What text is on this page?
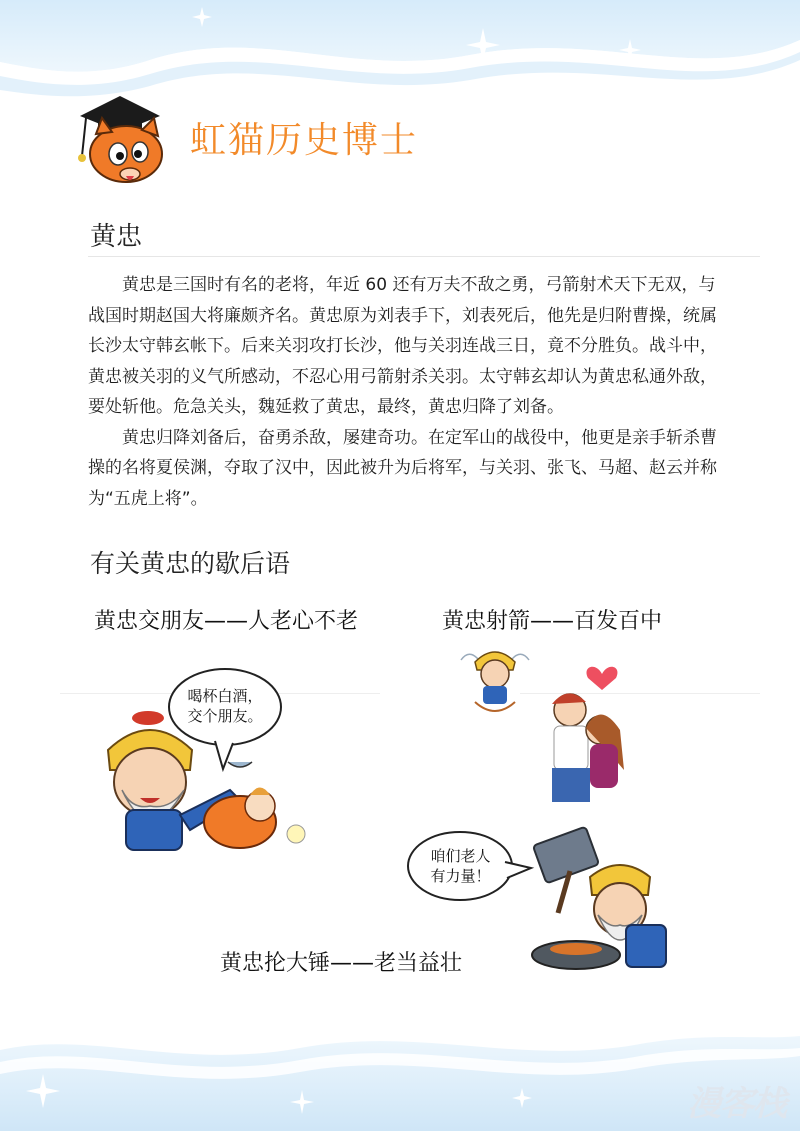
虹猫历史博士
黄忠

黄忠是三国时有名的老将，年近 60 还有万夫不敌之勇，弓箭射术天下无双，与战国时期赵国大将廉颇齐名。黄忠原为刘表手下，刘表死后，他先是归附曹操，统属长沙太守韩玄帐下。后来关羽攻打长沙，他与关羽连战三日，竟不分胜负。战斗中，黄忠被关羽的义气所感动，不忍心用弓箭射杀关羽。太守韩玄却认为黄忠私通外敌，要处斩他。危急关头，魏延救了黄忠，最终，黄忠归降了刘备。

黄忠归降刘备后，奋勇杀敌，屡建奇功。在定军山的战役中，他更是亲手斩杀曹操的名将夏侯渊，夺取了汉中，因此被升为后将军，与关羽、张飞、马超、赵云并称为“五虎上将”。

有关黄忠的歇后语
黄忠交朋友——人老心不老	黄忠射箭——百发百中
黄忠抡大锤——老当益壮
喝杯白酒，
交个朋友。
咱们老人
有力量！
漫客栈
